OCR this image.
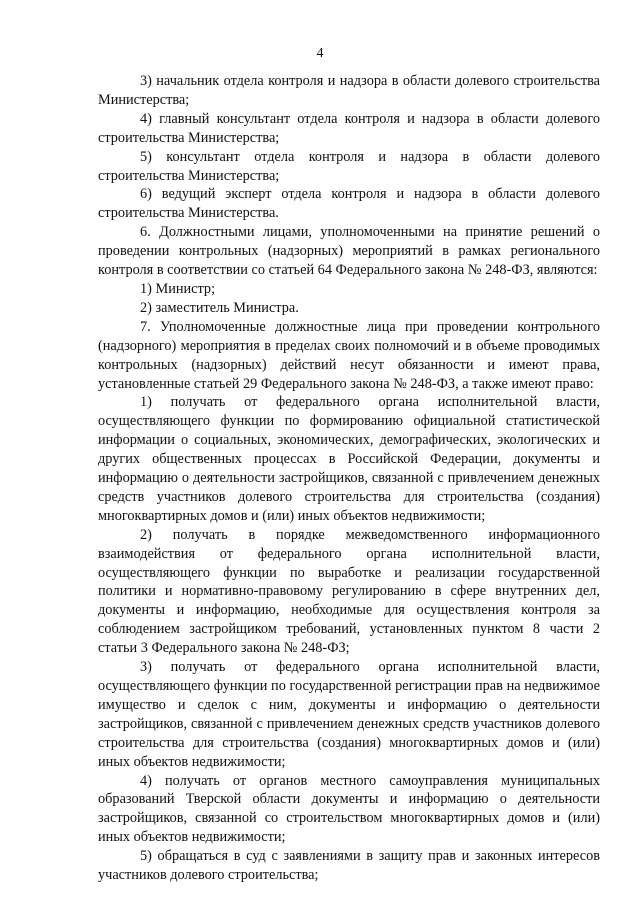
4

3) начальник отдела контроля и надзора в области долевого строительства Министерства;

4) главный консультант отдела контроля и надзора в области долевого строительства Министерства;

5) консультант отдела контроля и надзора в области долевого строительства Министерства;

6) ведущий эксперт отдела контроля и надзора в области долевого строительства Министерства.

6. Должностными лицами, уполномоченными на принятие решений о проведении контрольных (надзорных) мероприятий в рамках регионального контроля в соответствии со статьей 64 Федерального закона № 248-ФЗ, являются:

1) Министр;

2) заместитель Министра.

7. Уполномоченные должностные лица при проведении контрольного (надзорного) мероприятия в пределах своих полномочий и в объеме проводимых контрольных (надзорных) действий несут обязанности и имеют права, установленные статьей 29 Федерального закона № 248-ФЗ, а также имеют право:

1) получать от федерального органа исполнительной власти, осуществляющего функции по формированию официальной статистической информации о социальных, экономических, демографических, экологических и других общественных процессах в Российской Федерации, документы и информацию о деятельности застройщиков, связанной с привлечением денежных средств участников долевого строительства для строительства (создания) многоквартирных домов и (или) иных объектов недвижимости;

2) получать в порядке межведомственного информационного взаимодействия от федерального органа исполнительной власти, осуществляющего функции по выработке и реализации государственной политики и нормативно-правовому регулированию в сфере внутренних дел, документы и информацию, необходимые для осуществления контроля за соблюдением застройщиком требований, установленных пунктом 8 части 2 статьи 3 Федерального закона № 248-ФЗ;

3) получать от федерального органа исполнительной власти, осуществляющего функции по государственной регистрации прав на недвижимое имущество и сделок с ним, документы и информацию о деятельности застройщиков, связанной с привлечением денежных средств участников долевого строительства для строительства (создания) многоквартирных домов и (или) иных объектов недвижимости;

4) получать от органов местного самоуправления муниципальных образований Тверской области документы и информацию о деятельности застройщиков, связанной со строительством многоквартирных домов и (или) иных объектов недвижимости;

5) обращаться в суд с заявлениями в защиту прав и законных интересов участников долевого строительства;
